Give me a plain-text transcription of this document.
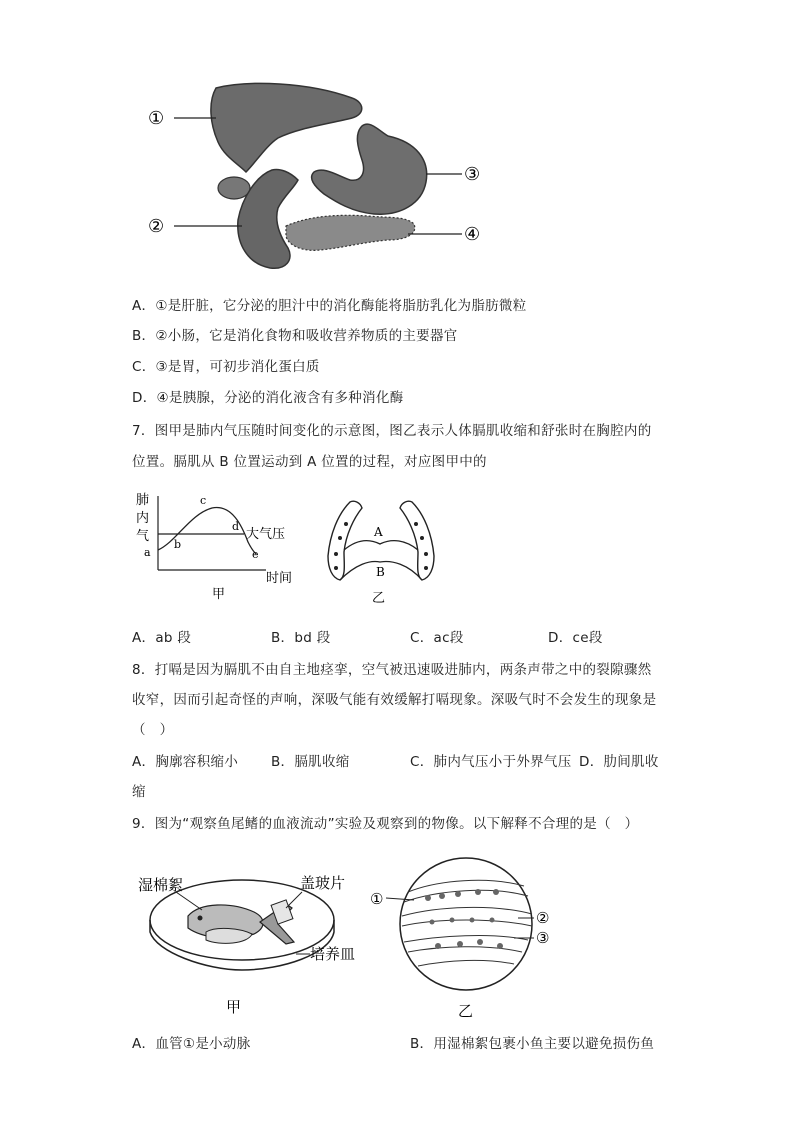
①
②
③
④
A．①是肝脏，它分泌的胆汁中的消化酶能将脂肪乳化为脂肪微粒
B．②小肠，它是消化食物和吸收营养物质的主要器官
C．③是胃，可初步消化蛋白质
D．④是胰腺，分泌的消化液含有多种消化酶
7．图甲是肺内气压随时间变化的示意图，图乙表示人体膈肌收缩和舒张时在胸腔内的
位置。膈肌从 B 位置运动到 A 位置的过程，对应图甲中的
肺
内
气
a
b
c
d
e
大气压
时间
甲
A
B
乙
A．ab 段	B．bd 段	C．ac段	D．ce段
8．打嗝是因为膈肌不由自主地痉挛，空气被迅速吸进肺内，两条声带之中的裂隙骤然
收窄，因而引起奇怪的声响，深吸气能有效缓解打嗝现象。深吸气时不会发生的现象是
（　）
A．胸廓容积缩小 B．膈肌收缩	C．肺内气压小于外界气压 D．肋间肌收
缩
9．图为“观察鱼尾鳍的血液流动”实验及观察到的物像。以下解释不合理的是（　）
湿棉絮	盖玻片
培养皿
甲
①
②
③
乙
A．血管①是小动脉	B．用湿棉絮包裹小鱼主要以避免损伤鱼
